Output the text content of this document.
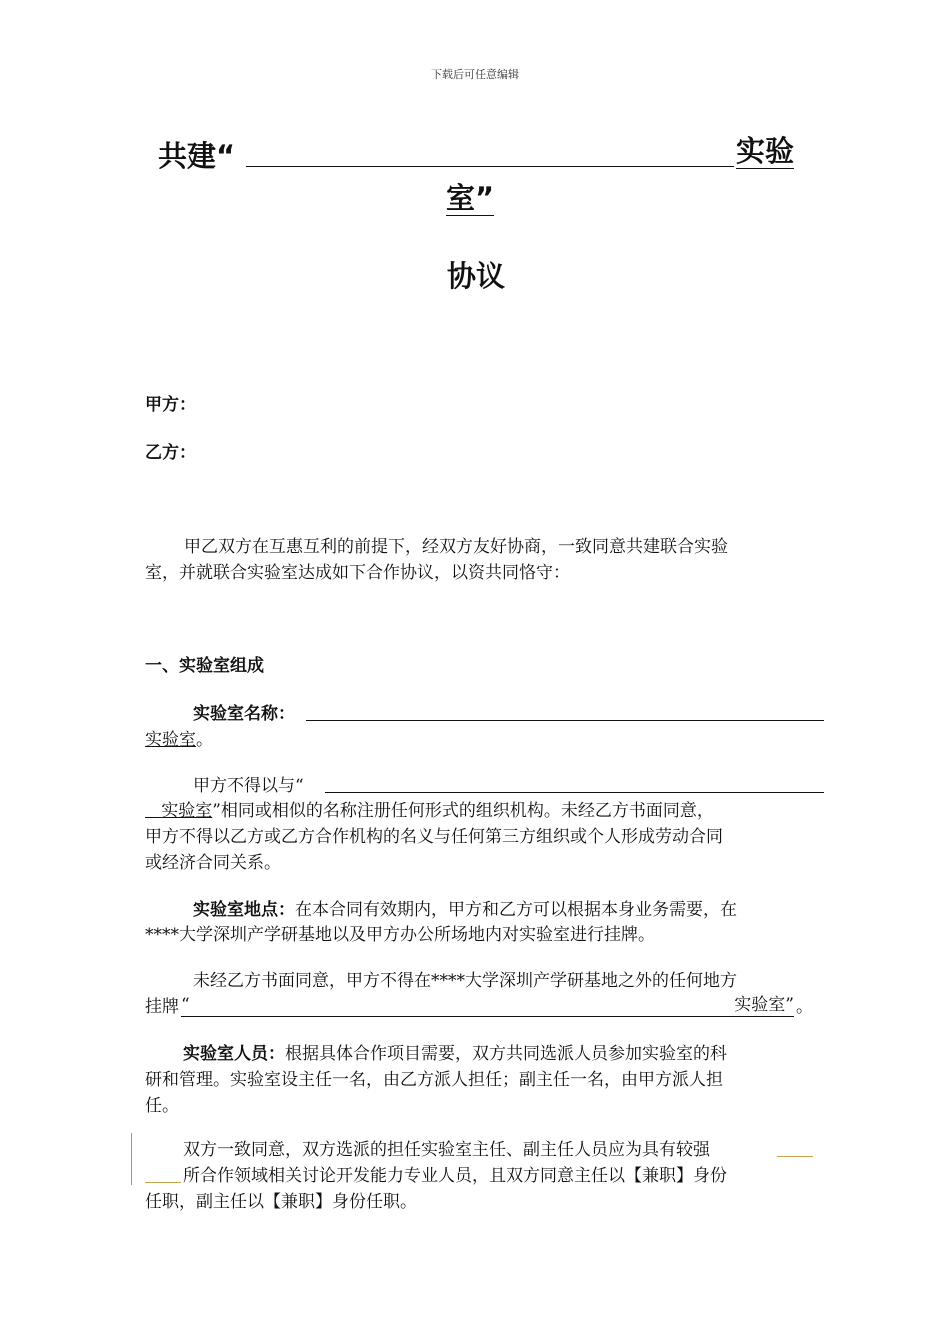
下载后可任意编辑
共建“	实验
室”
协议
甲方：
乙方：
甲乙双方在互惠互利的前提下，经双方友好协商，一致同意共建联合实验
室，并就联合实验室达成如下合作协议，以资共同恪守：
一、实验室组成
实验室名称：
实验室。
甲方不得以与“
实验室”相同或相似的名称注册任何形式的组织机构。未经乙方书面同意，
甲方不得以乙方或乙方合作机构的名义与任何第三方组织或个人形成劳动合同
或经济合同关系。
实验室地点：在本合同有效期内，甲方和乙方可以根据本身业务需要，在
****大学深圳产学研基地以及甲方办公所场地内对实验室进行挂牌。
未经乙方书面同意，甲方不得在****大学深圳产学研基地之外的任何地方
挂牌 “	实验室” 。
实验室人员：根据具体合作项目需要，双方共同选派人员参加实验室的科
研和管理。实验室设主任一名，由乙方派人担任；副主任一名，由甲方派人担
任。
双方一致同意，双方选派的担任实验室主任、副主任人员应为具有较强
所合作领域相关讨论开发能力专业人员，且双方同意主任以【兼职】身份
任职，副主任以【兼职】身份任职。
